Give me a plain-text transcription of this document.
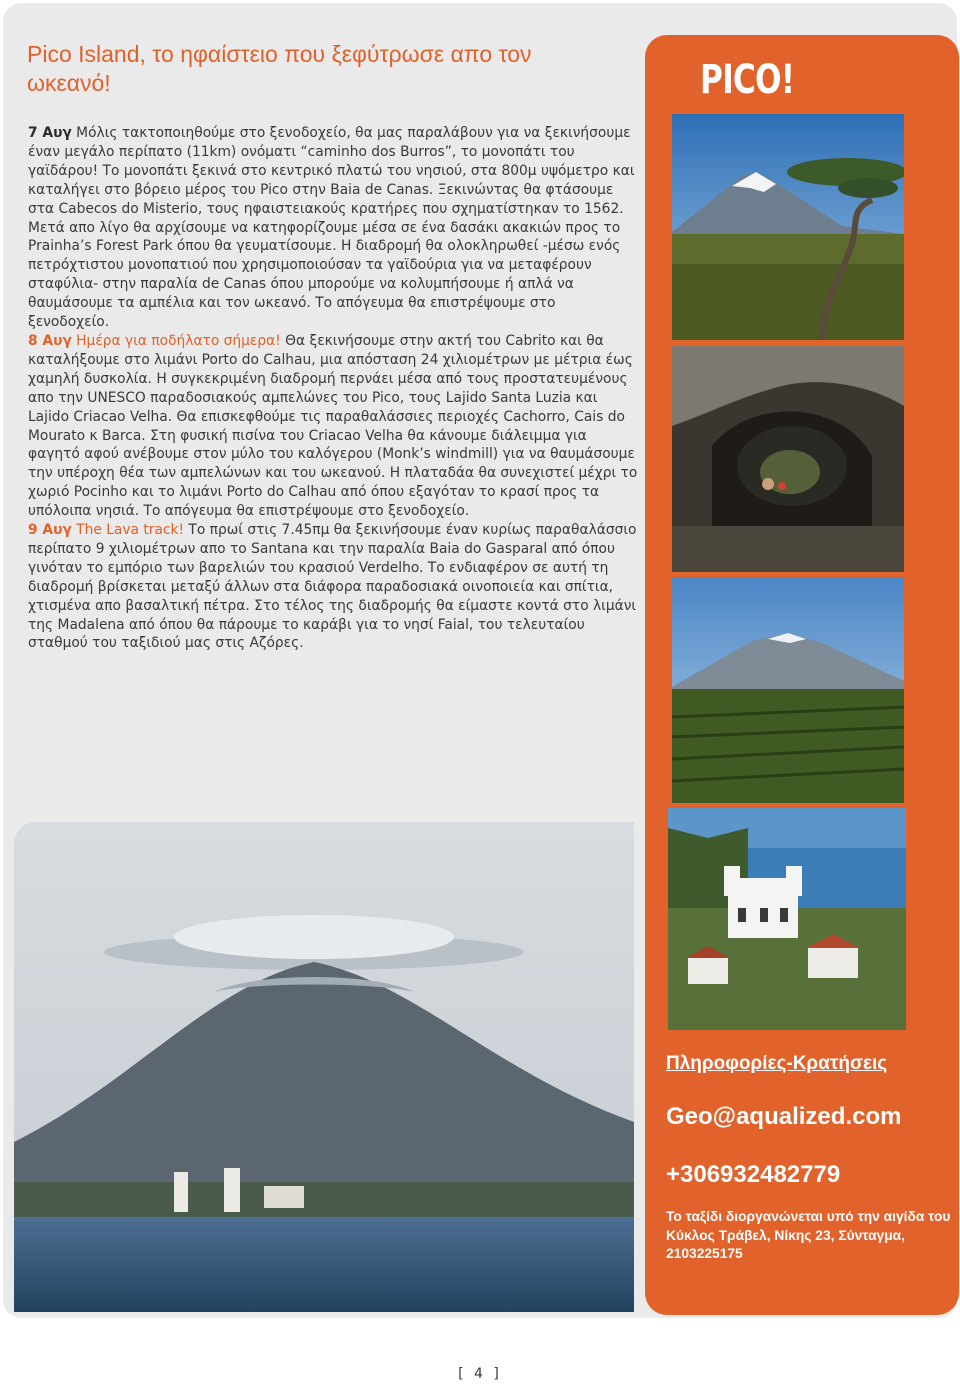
Pico Island, το ηφαίστειο που ξεφύτρωσε απο τον ωκεανό!

7 Αυγ Μόλις τακτοποιηθούμε στο ξενοδοχείο, θα μας παραλάβουν για να ξεκινήσουμε έναν μεγάλο περίπατο (11km) ονόματι “caminho dos Burros”, το μονοπάτι του γαϊδάρου! Το μονοπάτι ξεκινά στο κεντρικό πλατώ του νησιού, στα 800μ υψόμετρο και καταλήγει στο βόρειο μέρος του Pico στην Baia de Canas. Ξεκινώντας θα φτάσουμε στα Cabecos do Misterio, τους ηφαιστειακούς κρατήρες που σχηματίστηκαν το 1562. Μετά απο λίγο θα αρχίσουμε να κατηφορίζουμε μέσα σε ένα δασάκι ακακιών προς το Prainha’s Forest Park όπου θα γευματίσουμε. Η διαδρομή θα ολοκληρωθεί -μέσω ενός πετρόχτιστου μονοπατιού που χρησιμοποιούσαν τα γαϊδούρια για να μεταφέρουν σταφύλια- στην παραλία de Canas όπου μπορούμε να κολυμπήσουμε ή απλά να θαυμάσουμε τα αμπέλια και τον ωκεανό. Το απόγευμα θα επιστρέψουμε στο ξενοδοχείο.

8 Αυγ Ημέρα για ποδήλατο σήμερα! Θα ξεκινήσουμε στην ακτή του Cabrito και θα καταλήξουμε στο λιμάνι Porto do Calhau, μια απόσταση 24 χιλιομέτρων με μέτρια έως χαμηλή δυσκολία. Η συγκεκριμένη διαδρομή περνάει μέσα από τους προστατευμένους απο την UNESCO παραδοσιακούς αμπελώνες του Pico, τους Lajido Santa Luzia και Lajido Criacao Velha. Θα επισκεφθούμε τις παραθαλάσσιες περιοχές Cachorro, Cais do Mourato κ Barca. Στη φυσική πισίνα του Criacao Velha θα κάνουμε διάλειμμα για φαγητό αφού ανέβουμε στον μύλο του καλόγερου (Monk’s windmill) για να θαυμάσουμε την υπέροχη θέα των αμπελώνων και του ωκεανού. Η πλαταδάα θα συνεχιστεί μέχρι το χωριό Pocinho και το λιμάνι Porto do Calhau από όπου εξαγόταν το κρασί προς τα υπόλοιπα νησιά. Το απόγευμα θα επιστρέψουμε στο ξενοδοχείο.

9 Αυγ The Lava track! Το πρωί στις 7.45πμ θα ξεκινήσουμε έναν κυρίως παραθαλάσσιο περίπατο 9 χιλιομέτρων απο το Santana και την παραλία Baia do Gasparal από όπου γινόταν το εμπόριο των βαρελιών του κρασιού Verdelho. Το ενδιαφέρον σε αυτή τη διαδρομή βρίσκεται μεταξύ άλλων στα διάφορα παραδοσιακά οινοποιεία και σπίτια, χτισμένα απο βασαλτική πέτρα. Στο τέλος της διαδρομής θα είμαστε κοντά στο λιμάνι της Madalena από όπου θα πάρουμε το καράβι για το νησί Faial, του τελευταίου σταθμού του ταξιδιού μας στις Αζόρες.

PICO!
Πληροφορίες-Κρατήσεις
Geo@aqualized.com
+306932482779
Το ταξίδι διοργανώνεται υπό την αιγίδα του Κύκλος Τράβελ, Νίκης 23, Σύνταγμα, 2103225175
[ 4 ]
